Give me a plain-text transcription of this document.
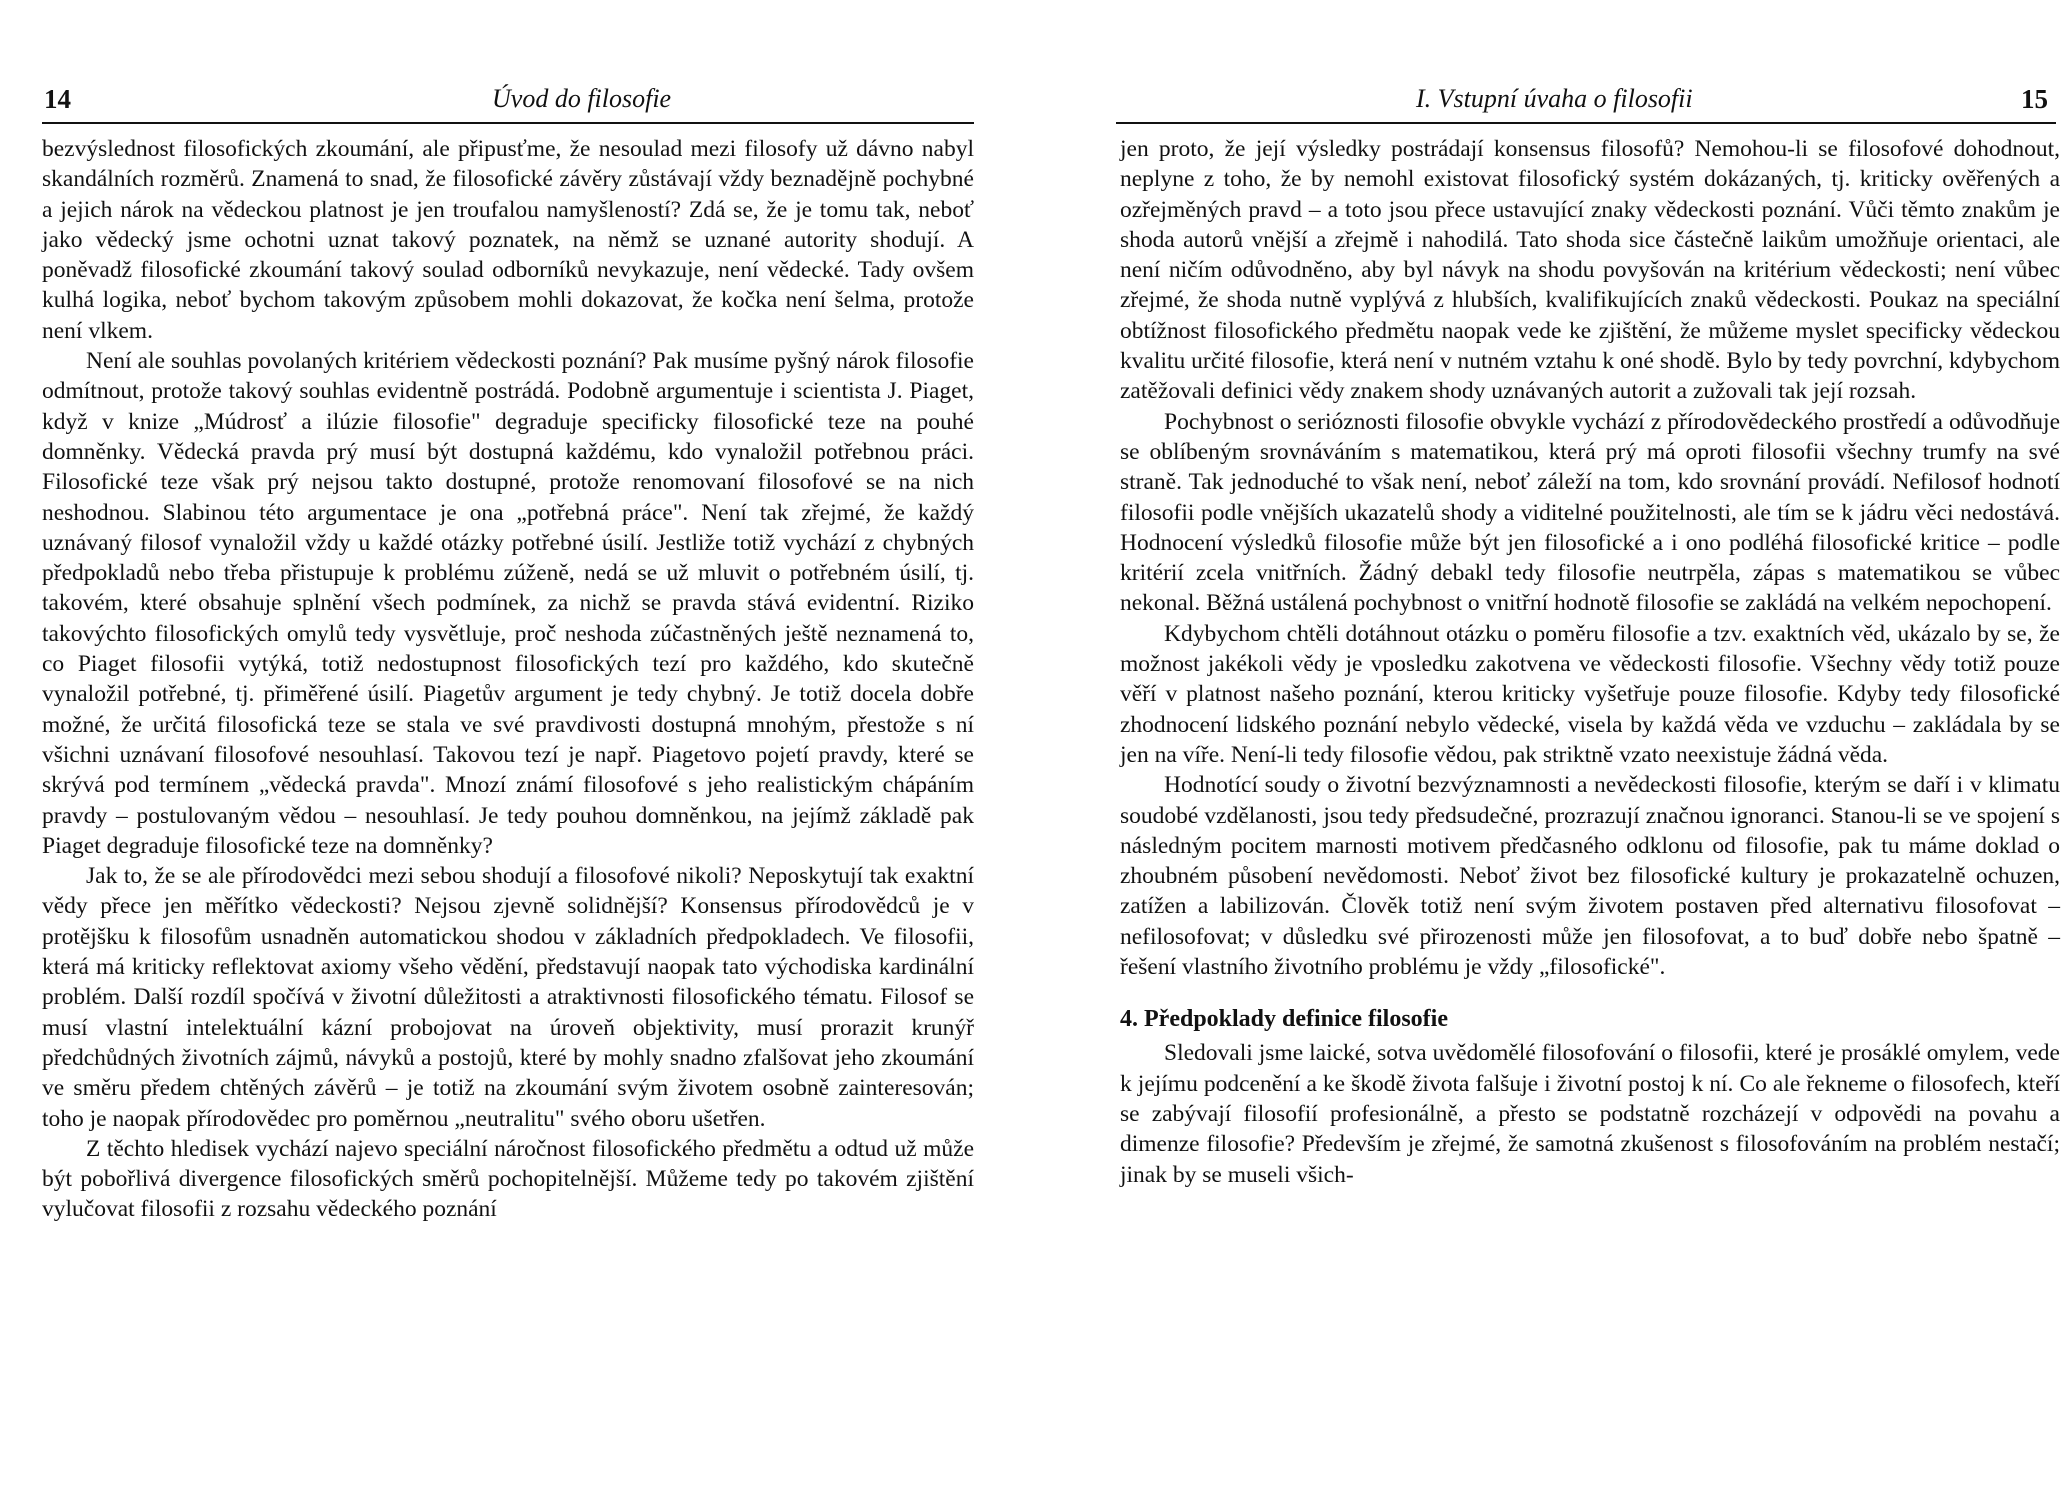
14	Úvod do filosofie

bezvýslednost filosofických zkoumání, ale připusťme, že nesoulad mezi filosofy už dávno nabyl skandálních rozměrů. Znamená to snad, že filosofické závěry zůstávají vždy beznadějně pochybné a jejich nárok na vědeckou platnost je jen troufalou namyšleností? Zdá se, že je tomu tak, neboť jako vědecký jsme ochotni uznat takový poznatek, na němž se uznané autority shodují. A poněvadž filosofické zkoumání takový soulad odborníků nevykazuje, není vědecké. Tady ovšem kulhá logika, neboť bychom takovým způsobem mohli dokazovat, že kočka není šelma, protože není vlkem.

Není ale souhlas povolaných kritériem vědeckosti poznání? Pak musíme pyšný nárok filosofie odmítnout, protože takový souhlas evidentně postrádá. Podobně argumentuje i scientista J. Piaget, když v knize „Múdrosť a ilúzie filosofie" degraduje specificky filosofické teze na pouhé domněnky. Vědecká pravda prý musí být dostupná každému, kdo vynaložil potřebnou práci. Filosofické teze však prý nejsou takto dostupné, protože renomovaní filosofové se na nich neshodnou. Slabinou této argumentace je ona „potřebná práce". Není tak zřejmé, že každý uznávaný filosof vynaložil vždy u každé otázky potřebné úsilí. Jestliže totiž vychází z chybných předpokladů nebo třeba přistupuje k problému zúženě, nedá se už mluvit o potřebném úsilí, tj. takovém, které obsahuje splnění všech podmínek, za nichž se pravda stává evidentní. Riziko takovýchto filosofických omylů tedy vysvětluje, proč neshoda zúčastněných ještě neznamená to, co Piaget filosofii vytýká, totiž nedostupnost filosofických tezí pro každého, kdo skutečně vynaložil potřebné, tj. přiměřené úsilí. Piagetův argument je tedy chybný. Je totiž docela dobře možné, že určitá filosofická teze se stala ve své pravdivosti dostupná mnohým, přestože s ní všichni uznávaní filosofové nesouhlasí. Takovou tezí je např. Piagetovo pojetí pravdy, které se skrývá pod termínem „vědecká pravda". Mnozí známí filosofové s jeho realistickým chápáním pravdy – postulovaným vědou – nesouhlasí. Je tedy pouhou domněnkou, na jejímž základě pak Piaget degraduje filosofické teze na domněnky?

Jak to, že se ale přírodovědci mezi sebou shodují a filosofové nikoli? Neposkytují tak exaktní vědy přece jen měřítko vědeckosti? Nejsou zjevně solidnější? Konsensus přírodovědců je v protějšku k filosofům usnadněn automatickou shodou v základních předpokladech. Ve filosofii, která má kriticky reflektovat axiomy všeho vědění, představují naopak tato východiska kardinální problém. Další rozdíl spočívá v životní důležitosti a atraktivnosti filosofického tématu. Filosof se musí vlastní intelektuální kázní probojovat na úroveň objektivity, musí prorazit krunýř předchůdných životních zájmů, návyků a postojů, které by mohly snadno zfalšovat jeho zkoumání ve směru předem chtěných závěrů – je totiž na zkoumání svým životem osobně zainteresován; toho je naopak přírodovědec pro poměrnou „neutralitu" svého oboru ušetřen.

Z těchto hledisek vychází najevo speciální náročnost filosofického předmětu a odtud už může být pobořlivá divergence filosofických směrů pochopitelnější. Můžeme tedy po takovém zjištění vylučovat filosofii z rozsahu vědeckého poznání

I. Vstupní úvaha o filosofii	15

jen proto, že její výsledky postrádají konsensus filosofů? Nemohou-li se filosofové dohodnout, neplyne z toho, že by nemohl existovat filosofický systém dokázaných, tj. kriticky ověřených a ozřejměných pravd – a toto jsou přece ustavující znaky vědeckosti poznání. Vůči těmto znakům je shoda autorů vnější a zřejmě i nahodilá. Tato shoda sice částečně laikům umožňuje orientaci, ale není ničím odůvodněno, aby byl návyk na shodu povyšován na kritérium vědeckosti; není vůbec zřejmé, že shoda nutně vyplývá z hlubších, kvalifikujících znaků vědeckosti. Poukaz na speciální obtížnost filosofického předmětu naopak vede ke zjištění, že můžeme myslet specificky vědeckou kvalitu určité filosofie, která není v nutném vztahu k oné shodě. Bylo by tedy povrchní, kdybychom zatěžovali definici vědy znakem shody uznávaných autorit a zužovali tak její rozsah.

Pochybnost o serióznosti filosofie obvykle vychází z přírodovědeckého prostředí a odůvodňuje se oblíbeným srovnáváním s matematikou, která prý má oproti filosofii všechny trumfy na své straně. Tak jednoduché to však není, neboť záleží na tom, kdo srovnání provádí. Nefilosof hodnotí filosofii podle vnějších ukazatelů shody a viditelné použitelnosti, ale tím se k jádru věci nedostává. Hodnocení výsledků filosofie může být jen filosofické a i ono podléhá filosofické kritice – podle kritérií zcela vnitřních. Žádný debakl tedy filosofie neutrpěla, zápas s matematikou se vůbec nekonal. Běžná ustálená pochybnost o vnitřní hodnotě filosofie se zakládá na velkém nepochopení.

Kdybychom chtěli dotáhnout otázku o poměru filosofie a tzv. exaktních věd, ukázalo by se, že možnost jakékoli vědy je vposledku zakotvena ve vědeckosti filosofie. Všechny vědy totiž pouze věří v platnost našeho poznání, kterou kriticky vyšetřuje pouze filosofie. Kdyby tedy filosofické zhodnocení lidského poznání nebylo vědecké, visela by každá věda ve vzduchu – zakládala by se jen na víře. Není-li tedy filosofie vědou, pak striktně vzato neexistuje žádná věda.

Hodnotící soudy o životní bezvýznamnosti a nevědeckosti filosofie, kterým se daří i v klimatu soudobé vzdělanosti, jsou tedy předsudečné, prozrazují značnou ignoranci. Stanou-li se ve spojení s následným pocitem marnosti motivem předčasného odklonu od filosofie, pak tu máme doklad o zhoubném působení nevědomosti. Neboť život bez filosofické kultury je prokazatelně ochuzen, zatížen a labilizován. Člověk totiž není svým životem postaven před alternativu filosofovat – nefilosofovat; v důsledku své přirozenosti může jen filosofovat, a to buď dobře nebo špatně – řešení vlastního životního problému je vždy „filosofické".

4. Předpoklady definice filosofie

Sledovali jsme laické, sotva uvědomělé filosofování o filosofii, které je prosáklé omylem, vede k jejímu podcenění a ke škodě života falšuje i životní postoj k ní. Co ale řekneme o filosofech, kteří se zabývají filosofií profesionálně, a přesto se podstatně rozcházejí v odpovědi na povahu a dimenze filosofie? Především je zřejmé, že samotná zkušenost s filosofováním na problém nestačí; jinak by se museli všich-
